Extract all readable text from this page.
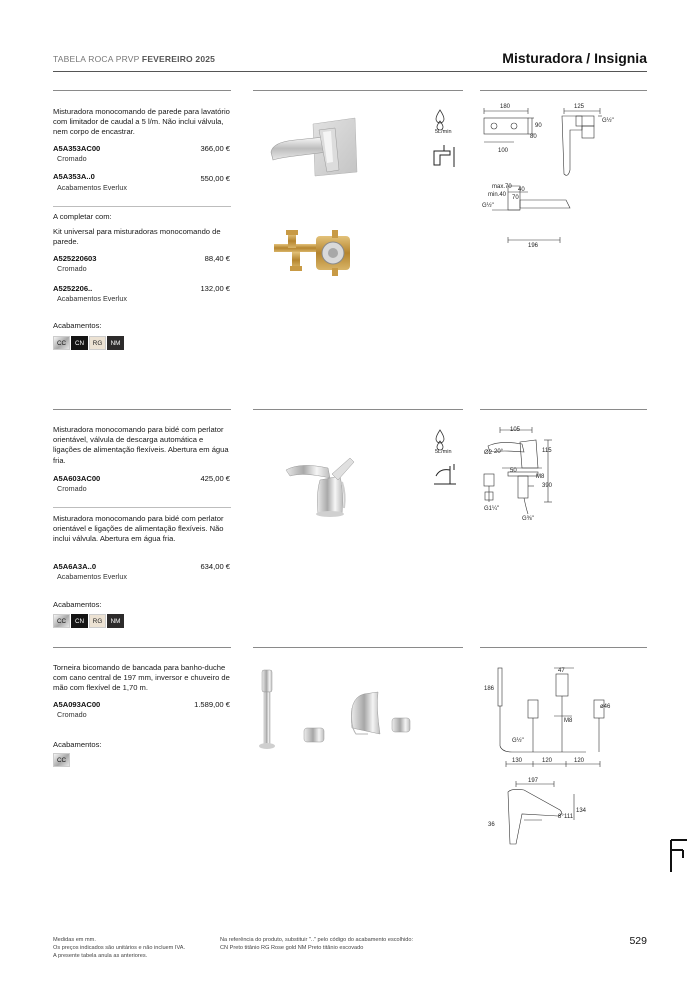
TABELA ROCA PRVP FEVEREIRO 2025	Misturadora / Insignia
Misturadora monocomando de parede para lavatório com limitador de caudal a 5 l/m. Não inclui válvula, nem corpo de encastrar.
A5A353AC00	366,00 €
Cromado
A5A353A..0	550,00 €
Acabamentos Everlux
A completar com:
Kit universal para misturadoras monocomando de parede.
A525220603	88,40 €
Cromado
A5252206..	132,00 €
Acabamentos Everlux
Acabamentos:
CC	CN	RG	NM
5L/min
180	125
90
80
100
G½"
max.70
min.40
40
70
G½"
196
Misturadora monocomando para bidé com perlator orientável, válvula de descarga automática e ligações de alimentação flexíveis. Abertura em água fria.
A5A603AC00	425,00 €
Cromado
Misturadora monocomando para bidé com perlator orientável e ligações de alimentação flexíveis. Não inclui válvula. Abertura em água fria.
A5A6A3A..0	634,00 €
Acabamentos Everlux
Acabamentos:
CC	CN	RG	NM
5L/min
105
Ø2 20°	115
50
M8
390
G1¼"
G⅜"
Torneira bicomando de bancada para banho-duche com cano central de 197 mm, inversor e chuveiro de mão com flexível de 1,70 m.
A5A093AC00	1.589,00 €
Cromado
Acabamentos:
CC
47
186
ø46
M8
G½"
130	120	120
197
134
36
8° 111
Medidas em mm.
Os preços indicados são unitários e não incluem IVA.
A presente tabela anula as anteriores.
Na referência do produto, substituir ".." pelo código do acabamento escolhido:
CN Preto titânio RG Rose gold NM Preto titânio escovado
529
